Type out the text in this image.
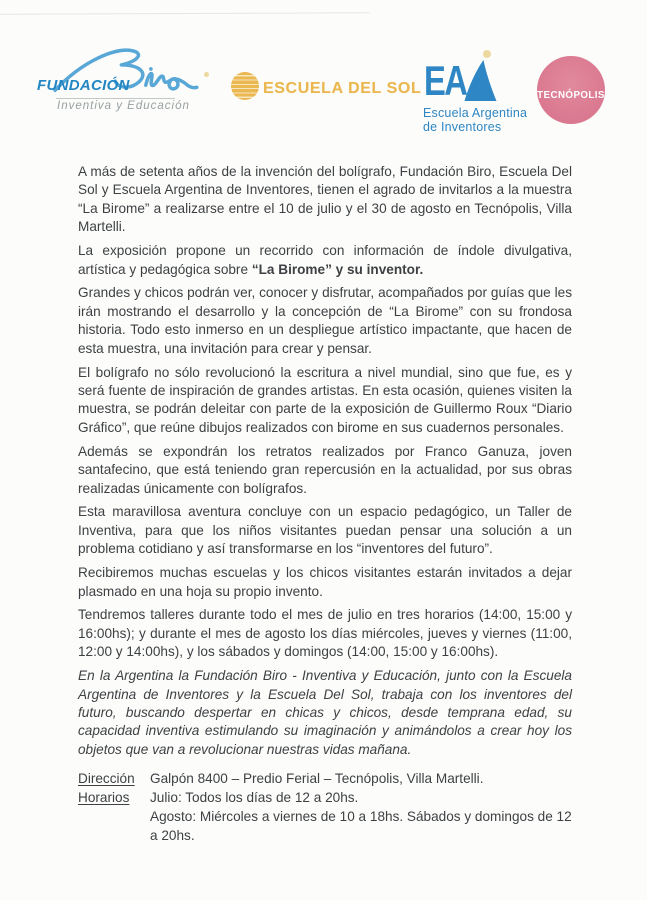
FUNDACIÓN
Inventiva y Educación
ESCUELA DEL SOL EA
Escuela Argentina
de Inventores
TECNÓPOLIS

A más de setenta años de la invención del bolígrafo, Fundación Biro, Escuela Del Sol y Escuela Argentina de Inventores, tienen el agrado de invitarlos a la muestra “La Birome” a realizarse entre el 10 de julio y el 30 de agosto en Tecnópolis, Villa Martelli.

La exposición propone un recorrido con información de índole divulgativa, artística y pedagógica sobre “La Birome” y su inventor.

Grandes y chicos podrán ver, conocer y disfrutar, acompañados por guías que les irán mostrando el desarrollo y la concepción de “La Birome” con su frondosa historia. Todo esto inmerso en un despliegue artístico impactante, que hacen de esta muestra, una invitación para crear y pensar.

El bolígrafo no sólo revolucionó la escritura a nivel mundial, sino que fue, es y será fuente de inspiración de grandes artistas. En esta ocasión, quienes visiten la muestra, se podrán deleitar con parte de la exposición de Guillermo Roux “Diario Gráfico”, que reúne dibujos realizados con birome en sus cuadernos personales.

Además se expondrán los retratos realizados por Franco Ganuza, joven santafecino, que está teniendo gran repercusión en la actualidad, por sus obras realizadas únicamente con bolígrafos.

Esta maravillosa aventura concluye con un espacio pedagógico, un Taller de Inventiva, para que los niños visitantes puedan pensar una solución a un problema cotidiano y así transformarse en los “inventores del futuro”.

Recibiremos muchas escuelas y los chicos visitantes estarán invitados a dejar plasmado en una hoja su propio invento.

Tendremos talleres durante todo el mes de julio en tres horarios (14:00, 15:00 y 16:00hs); y durante el mes de agosto los días miércoles, jueves y viernes (11:00, 12:00 y 14:00hs), y los sábados y domingos (14:00, 15:00 y 16:00hs).

En la Argentina la Fundación Biro - Inventiva y Educación, junto con la Escuela Argentina de Inventores y la Escuela Del Sol, trabaja con los inventores del futuro, buscando despertar en chicas y chicos, desde temprana edad, su capacidad inventiva estimulando su imaginación y animándolos a crear hoy los objetos que van a revolucionar nuestras vidas mañana.

Dirección	Galpón 8400 – Predio Ferial – Tecnópolis, Villa Martelli.
Horarios	Julio: Todos los días de 12 a 20hs.
Agosto: Miércoles a viernes de 10 a 18hs. Sábados y domingos de 12 a 20hs.
